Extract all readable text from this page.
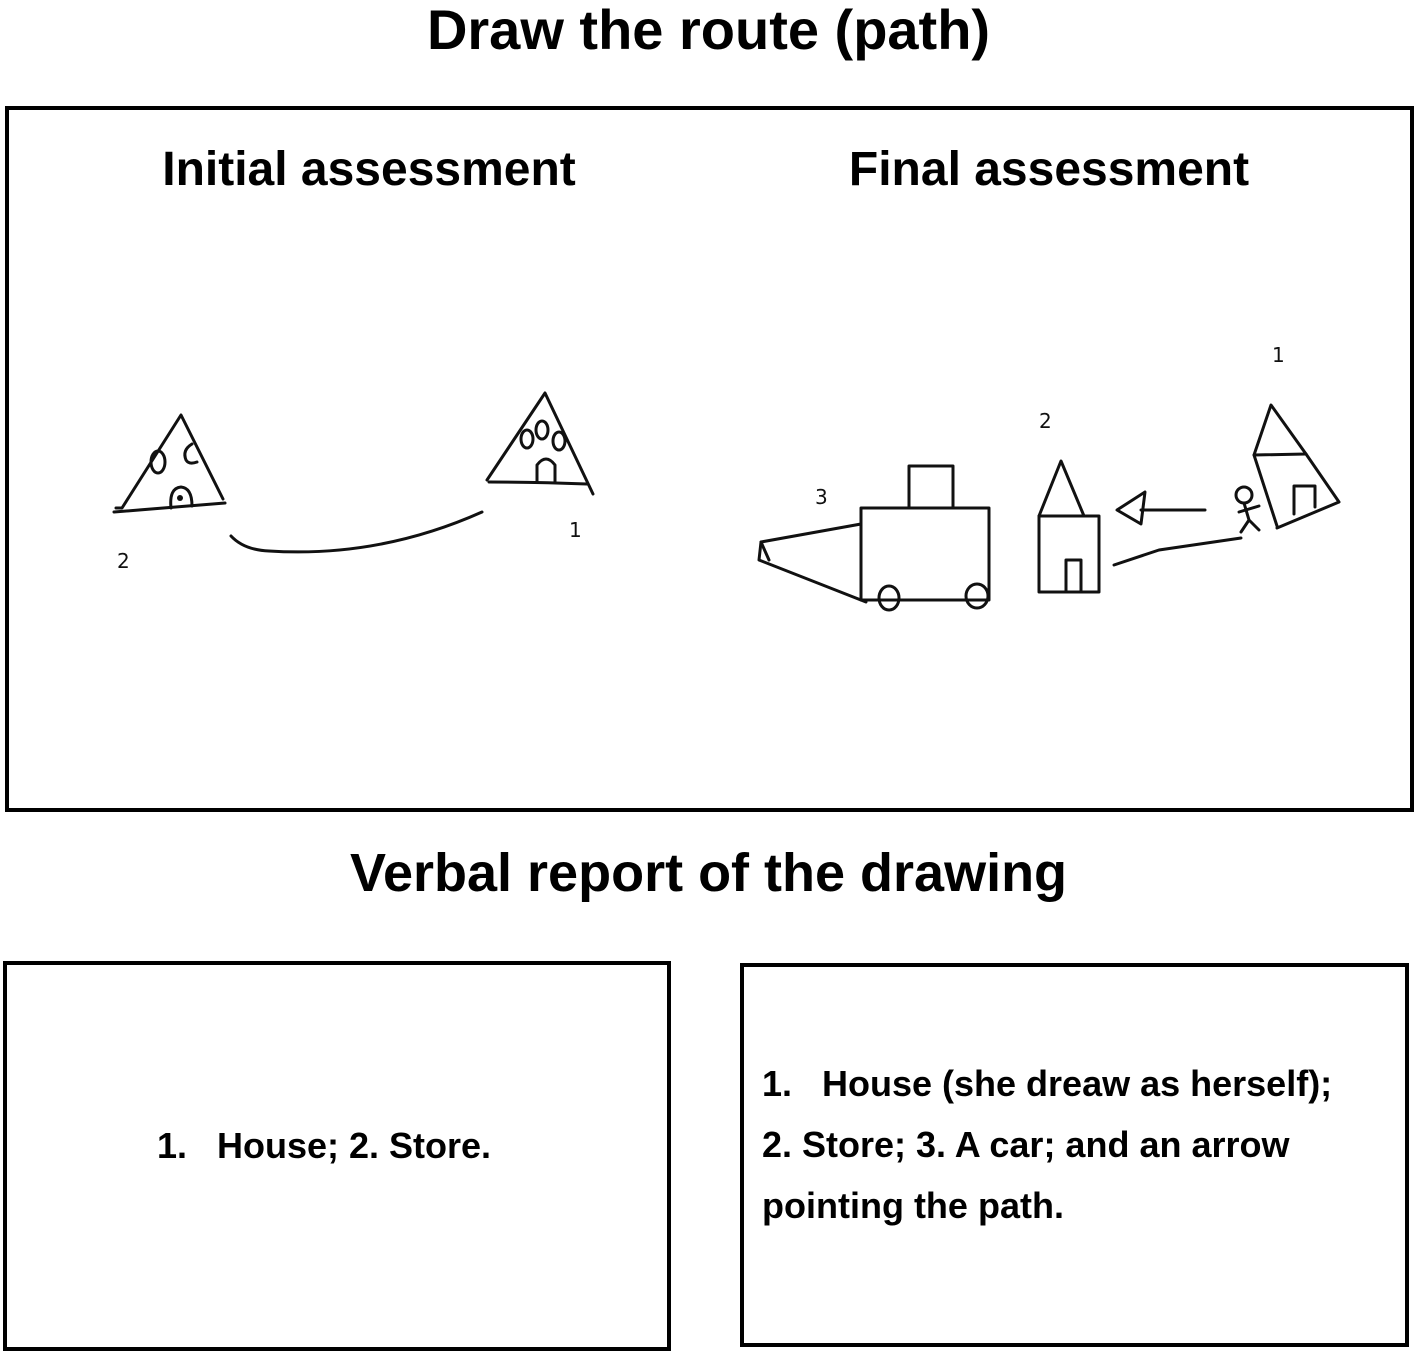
Draw the route (path)
Initial assessment	Final assessment
2
1
3
2
1
Verbal report of the drawing
1. House; 2. Store.
1. House (she dreaw as herself);
2. Store; 3. A car; and an arrow
pointing the path.
